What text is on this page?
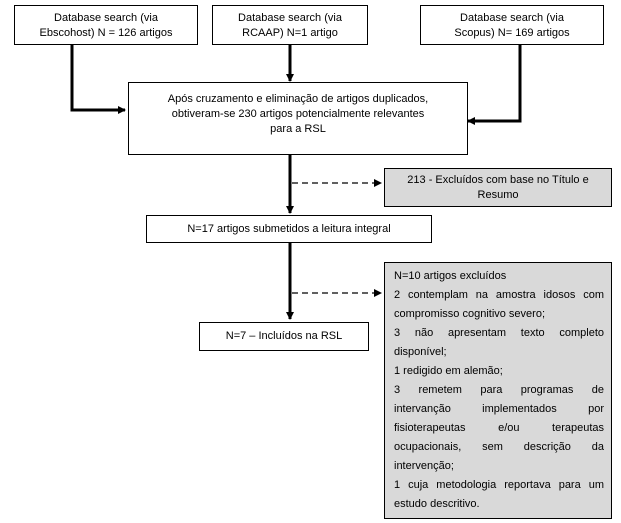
Database search (via
Ebscohost) N = 126 artigos
Database search (via
RCAAP) N=1 artigo
Database search (via
Scopus) N= 169 artigos
Após cruzamento e eliminação de artigos duplicados,
obtiveram-se 230 artigos potencialmente relevantes
para a RSL
213 - Excluídos com base no Título e
Resumo
N=17 artigos submetidos a leitura integral
N=7 – Incluídos na RSL
N=10 artigos excluídos
2 contemplam na amostra idosos com
compromisso cognitivo severo;
3 não apresentam texto completo
disponível;
1 redigido em alemão;
3 remetem para programas de
intervanção implementados por
fisioterapeutas e/ou terapeutas
ocupacionais, sem descrição da
intervenção;
1 cuja metodologia reportava para um
estudo descritivo.
